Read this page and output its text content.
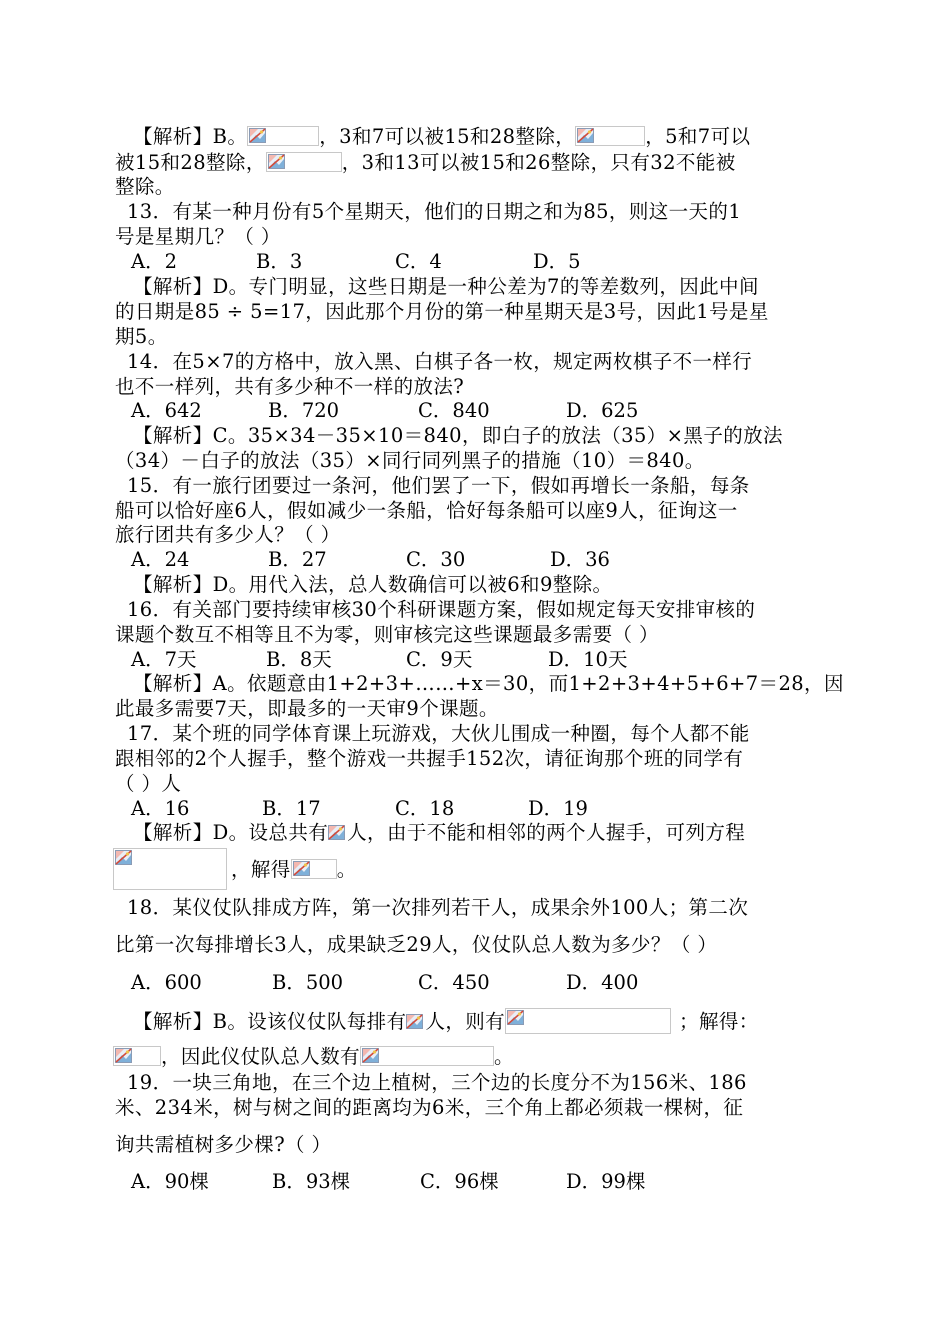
【解析】B。	，3和7可以被15和28整除，	，5和7可以
被15和28整除，	，3和13可以被15和26整除，只有32不能被
整除。
13．有某一种月份有5个星期天，他们的日期之和为85，则这一天的1
号是星期几？（ ）
A．2	B．3	C．4	D．5
【解析】D。专门明显，这些日期是一种公差为7的等差数列，因此中间
的日期是85 ÷ 5=17，因此那个月份的第一种星期天是3号，因此1号是星
期5。
14．在5×7的方格中，放入黑、白棋子各一枚，规定两枚棋子不一样行
也不一样列，共有多少种不一样的放法?
A．642	B．720	C．840	D．625
【解析】C。35×34－35×10＝840，即白子的放法（35）×黑子的放法
（34）－白子的放法（35）×同行同列黑子的措施（10）＝840。
15．有一旅行团要过一条河，他们罢了一下，假如再增长一条船，每条
船可以恰好座6人，假如减少一条船，恰好每条船可以座9人，征询这一
旅行团共有多少人？（ ）
A．24	B．27	C．30	D．36
【解析】D。用代入法，总人数确信可以被6和9整除。
16．有关部门要持续审核30个科研课题方案，假如规定每天安排审核的
课题个数互不相等且不为零，则审核完这些课题最多需要（ ）
A．7天	B．8天	C．9天	D．10天
【解析】A。依题意由1+2+3+……+x＝30，而1+2+3+4+5+6+7＝28，因
此最多需要7天，即最多的一天审9个课题。
17．某个班的同学体育课上玩游戏，大伙儿围成一种圈，每个人都不能
跟相邻的2个人握手，整个游戏一共握手152次，请征询那个班的同学有
（ ）人
A．16	B．17	C．18	D．19
【解析】D。设总共有 人，由于不能和相邻的两个人握手，可列方程
，解得 。
18．某仪仗队排成方阵，第一次排列若干人，成果余外100人；第二次
比第一次每排增长3人，成果缺乏29人，仪仗队总人数为多少？（ ）
A．600	B．500	C．450	D．400
【解析】B。设该仪仗队每排有 人，则有	；解得：
，因此仪仗队总人数有	。
19．一块三角地，在三个边上植树，三个边的长度分不为156米、186
米、234米，树与树之间的距离均为6米，三个角上都必须栽一棵树，征
询共需植树多少棵?（ ）
A．90棵	B．93棵	C．96棵	D．99棵
